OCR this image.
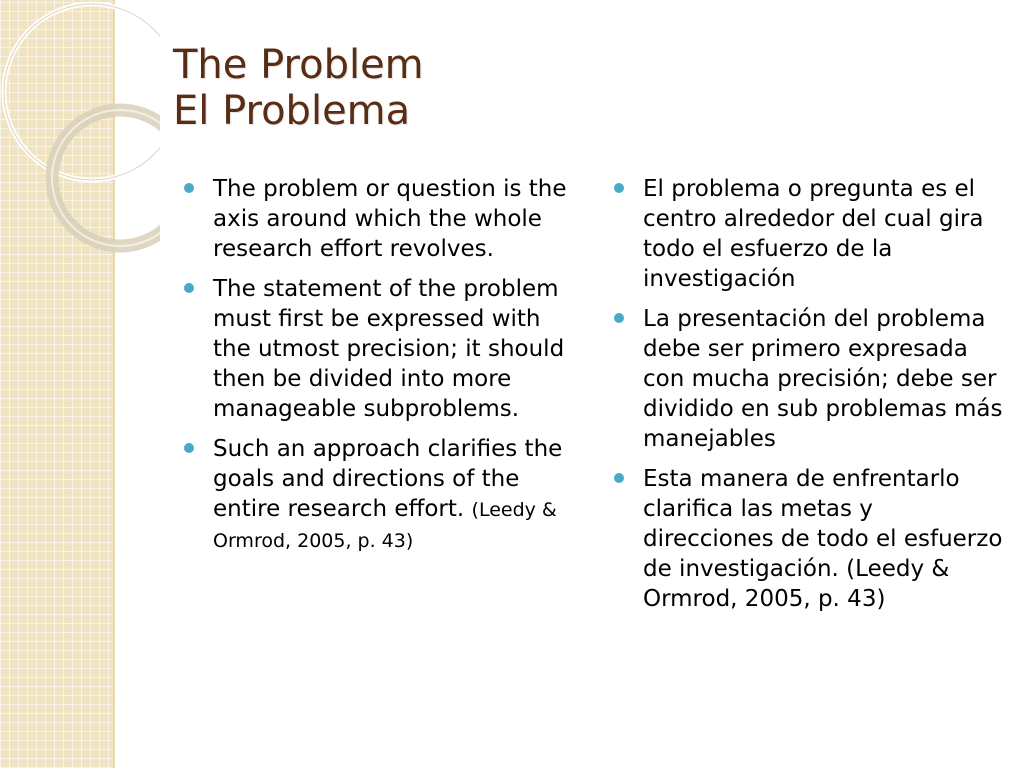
The Problem
El Problema
The problem or question is the axis around which the whole research effort revolves.
The statement of the problem must first be expressed with the utmost precision; it should then be divided into more manageable subproblems.
Such an approach clarifies the goals and directions of the entire research effort. (Leedy & Ormrod, 2005, p. 43)
El problema o pregunta es el centro alrededor del cual gira todo el esfuerzo de la investigación
La presentación del problema debe ser primero expresada con mucha precisión; debe ser dividido en sub problemas más manejables
Esta manera de enfrentarlo clarifica las metas y direcciones de todo el esfuerzo de investigación. (Leedy & Ormrod, 2005, p. 43)
